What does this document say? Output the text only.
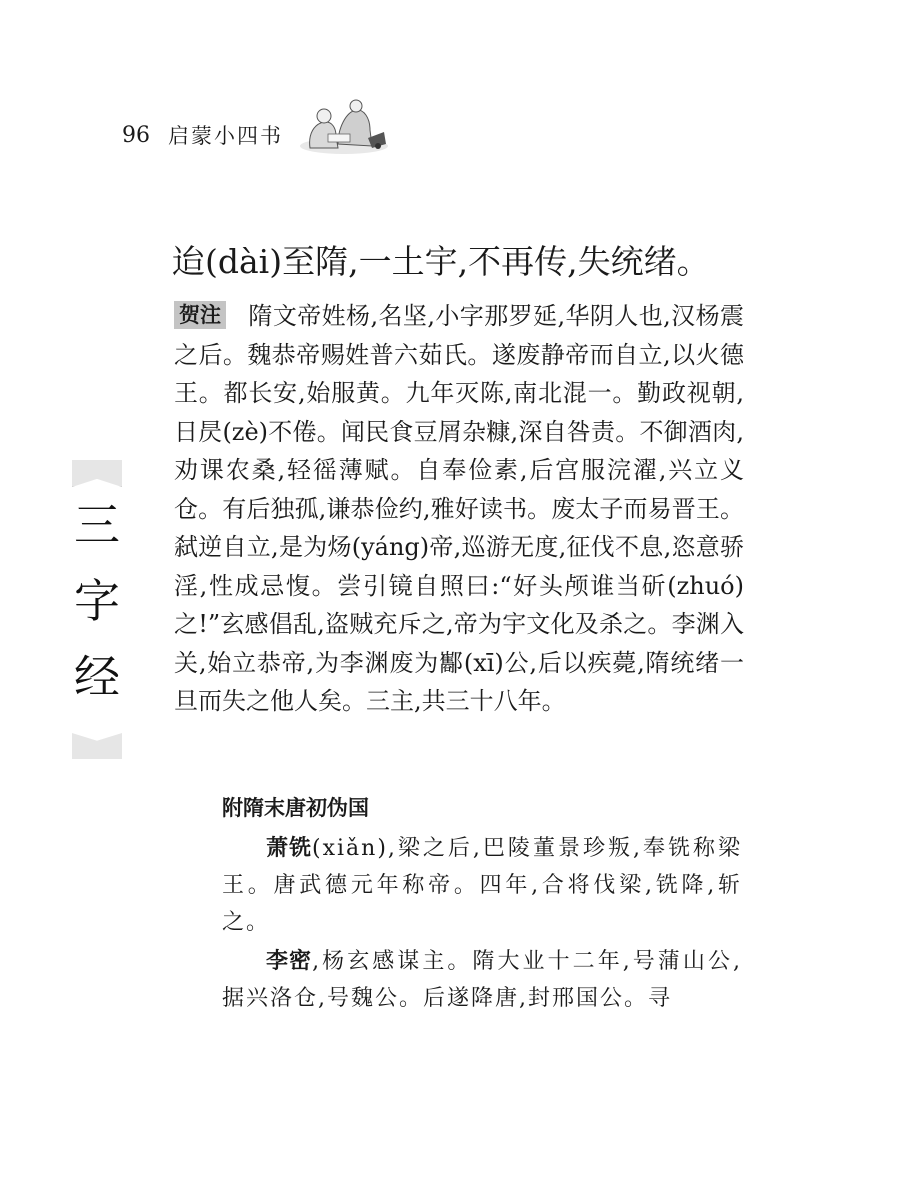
96 启蒙小四书
三
字
经
迨(dài)至隋,一土宇,不再传,失统绪。
贺注 隋文帝姓杨,名坚,小字那罗延,华阴人也,汉杨震之后。魏恭帝赐姓普六茹氏。遂废静帝而自立,以火德王。都长安,始服黄。九年灭陈,南北混一。勤政视朝,日昃(zè)不倦。闻民食豆屑杂糠,深自咎责。不御酒肉,劝课农桑,轻徭薄赋。自奉俭素,后宫服浣濯,兴立义仓。有后独孤,谦恭俭约,雅好读书。废太子而易晋王。弑逆自立,是为炀(yáng)帝,巡游无度,征伐不息,恣意骄淫,性成忌愎。尝引镜自照曰:“好头颅谁当斫(zhuó)之!”玄感倡乱,盗贼充斥之,帝为宇文化及杀之。李渊入关,始立恭帝,为李渊废为酅(xī)公,后以疾薨,隋统绪一旦而失之他人矣。三主,共三十八年。
附隋末唐初伪国

萧铣(xiǎn),梁之后,巴陵董景珍叛,奉铣称梁王。唐武德元年称帝。四年,合将伐梁,铣降,斩之。

李密,杨玄感谋主。隋大业十二年,号蒲山公,据兴洛仓,号魏公。后遂降唐,封邢国公。寻
